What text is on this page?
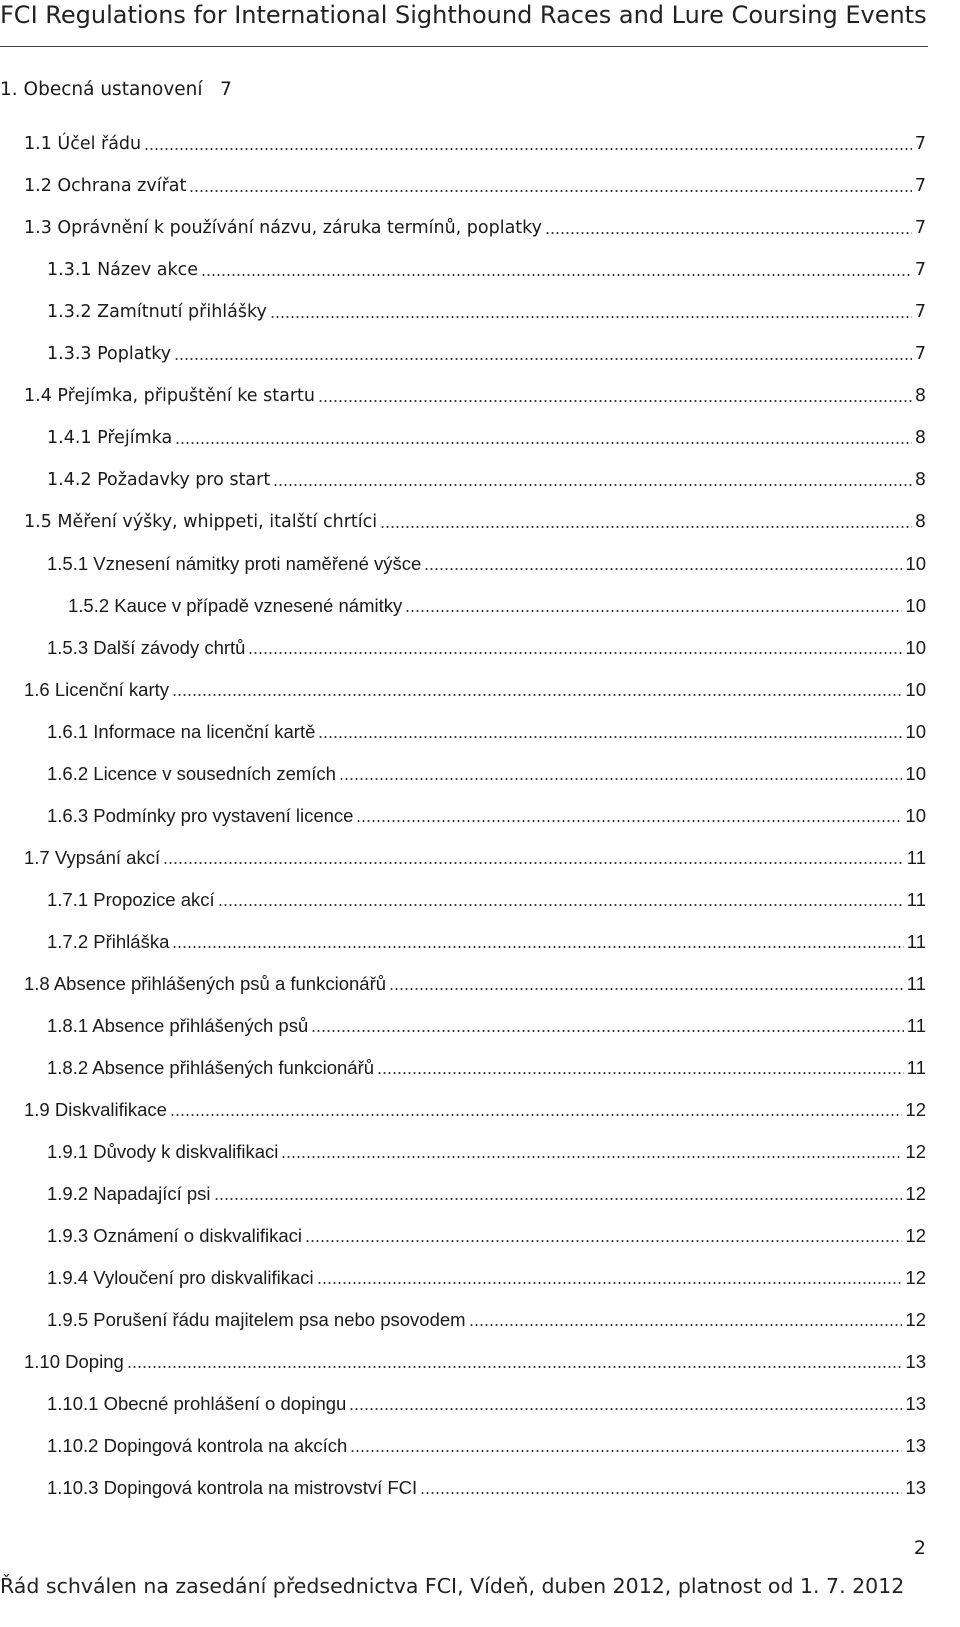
FCI Regulations for International Sighthound Races and Lure Coursing Events
1. Obecná ustanovení   7
1.1 Účel řádu	7
1.2 Ochrana zvířat	7
1.3 Oprávnění k používání názvu, záruka termínů, poplatky	7
1.3.1 Název akce	7
1.3.2 Zamítnutí přihlášky	7
1.3.3 Poplatky	7
1.4 Přejímka, připuštění ke startu	8
1.4.1 Přejímka	8
1.4.2 Požadavky pro start	8
1.5 Měření výšky, whippeti, italští chrtíci	8
1.5.1 Vznesení námitky proti naměřené výšce	10
1.5.2 Kauce v případě vznesené námitky	10
1.5.3 Další závody chrtů	10
1.6 Licenční karty	10
1.6.1 Informace na licenční kartě	10
1.6.2 Licence v sousedních zemích	10
1.6.3 Podmínky pro vystavení licence	10
1.7 Vypsání akcí	11
1.7.1 Propozice akcí	11
1.7.2 Přihláška	11
1.8 Absence přihlášených psů a funkcionářů	11
1.8.1 Absence přihlášených psů	11
1.8.2 Absence přihlášených funkcionářů	11
1.9 Diskvalifikace	12
1.9.1 Důvody k diskvalifikaci	12
1.9.2 Napadající psi	12
1.9.3 Oznámení o diskvalifikaci	12
1.9.4 Vyloučení pro diskvalifikaci	12
1.9.5 Porušení řádu majitelem psa nebo psovodem	12
1.10 Doping	13
1.10.1 Obecné prohlášení o dopingu	13
1.10.2 Dopingová kontrola na akcích	13
1.10.3 Dopingová kontrola na mistrovství FCI	13
2
Řád schválen na zasedání předsednictva FCI, Vídeň, duben 2012, platnost od 1. 7. 2012
